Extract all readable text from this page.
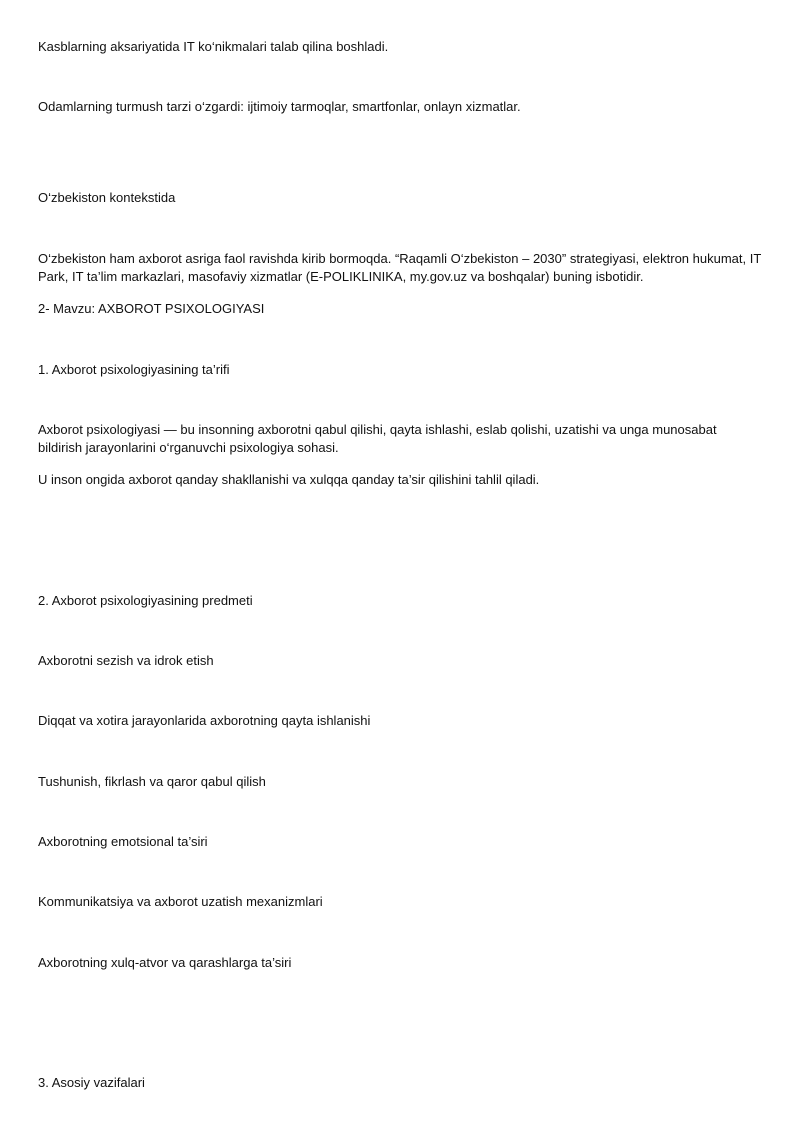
Kasblarning aksariyatida IT ko‘nikmalari talab qilina boshladi.

Odamlarning turmush tarzi o‘zgardi: ijtimoiy tarmoqlar, smartfonlar, onlayn xizmatlar.

O‘zbekiston kontekstida

O‘zbekiston ham axborot asriga faol ravishda kirib bormoqda. “Raqamli O‘zbekiston – 2030” strategiyasi, elektron hukumat, IT Park, IT ta’lim markazlari, masofaviy xizmatlar (E-POLIKLINIKA, my.gov.uz va boshqalar) buning isbotidir.

2- Mavzu: AXBOROT PSIXOLOGIYASI

1. Axborot psixologiyasining ta’rifi

Axborot psixologiyasi — bu insonning axborotni qabul qilishi, qayta ishlashi, eslab qolishi, uzatishi va unga munosabat bildirish jarayonlarini o‘rganuvchi psixologiya sohasi.

U inson ongida axborot qanday shakllanishi va xulqqa qanday ta’sir qilishini tahlil qiladi.

2. Axborot psixologiyasining predmeti

Axborotni sezish va idrok etish

Diqqat va xotira jarayonlarida axborotning qayta ishlanishi

Tushunish, fikrlash va qaror qabul qilish

Axborotning emotsional ta’siri

Kommunikatsiya va axborot uzatish mexanizmlari

Axborotning xulq-atvor va qarashlarga ta’siri

3. Asosiy vazifalari
